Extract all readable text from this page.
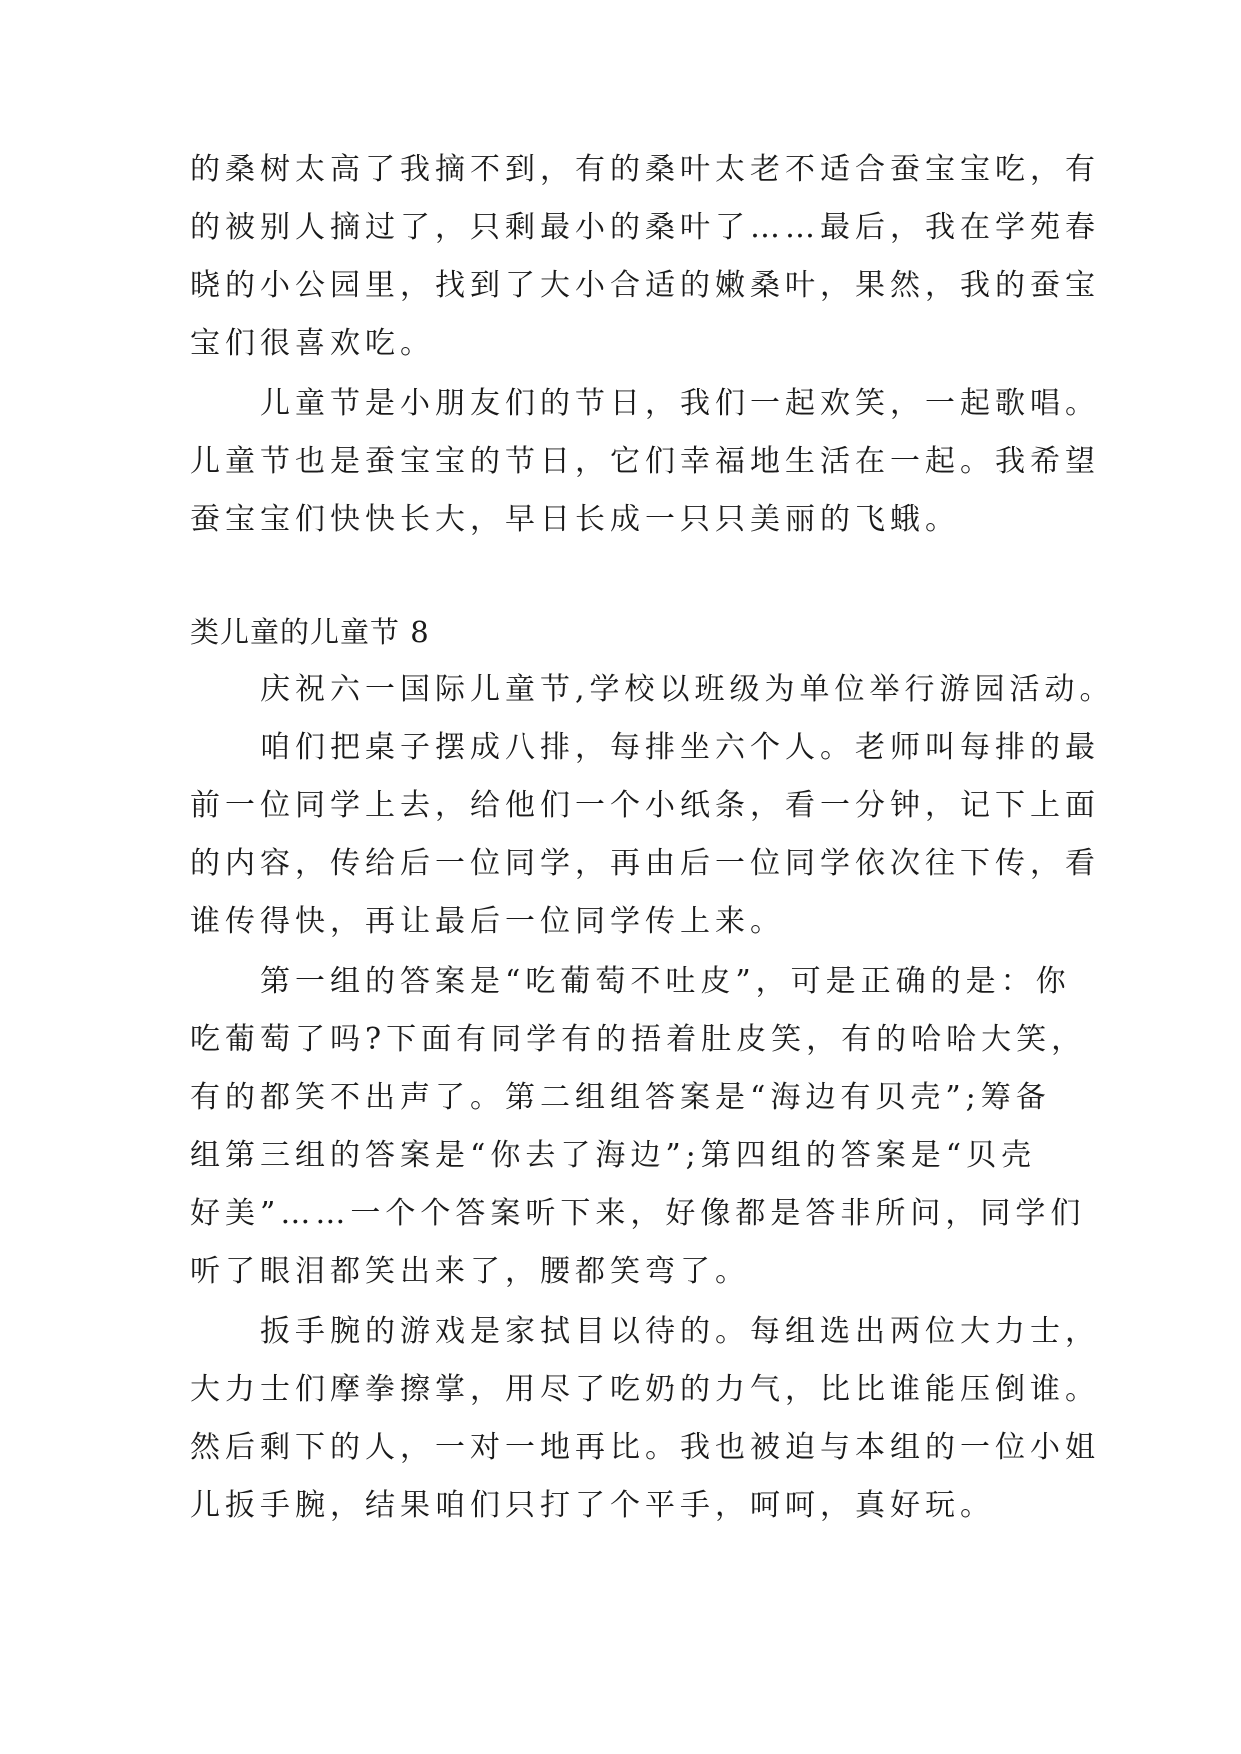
的桑树太高了我摘不到，有的桑叶太老不适合蚕宝宝吃，有
的被别人摘过了，只剩最小的桑叶了……最后，我在学苑春
晓的小公园里，找到了大小合适的嫩桑叶，果然，我的蚕宝
宝们很喜欢吃。
　　儿童节是小朋友们的节日，我们一起欢笑，一起歌唱。
儿童节也是蚕宝宝的节日，它们幸福地生活在一起。我希望
蚕宝宝们快快长大，早日长成一只只美丽的飞蛾。
类儿童的儿童节 8
　　庆祝六一国际儿童节,学校以班级为单位举行游园活动。
　　咱们把桌子摆成八排，每排坐六个人。老师叫每排的最
前一位同学上去，给他们一个小纸条，看一分钟，记下上面
的内容，传给后一位同学，再由后一位同学依次往下传，看
谁传得快，再让最后一位同学传上来。
　　第一组的答案是“吃葡萄不吐皮”，可是正确的是：你
吃葡萄了吗?下面有同学有的捂着肚皮笑，有的哈哈大笑，
有的都笑不出声了。第二组组答案是“海边有贝壳”;筹备
组第三组的答案是“你去了海边”;第四组的答案是“贝壳
好美”……一个个答案听下来，好像都是答非所问，同学们
听了眼泪都笑出来了，腰都笑弯了。
　　扳手腕的游戏是家拭目以待的。每组选出两位大力士，
大力士们摩拳擦掌，用尽了吃奶的力气，比比谁能压倒谁。
然后剩下的人，一对一地再比。我也被迫与本组的一位小姐
儿扳手腕，结果咱们只打了个平手，呵呵，真好玩。
